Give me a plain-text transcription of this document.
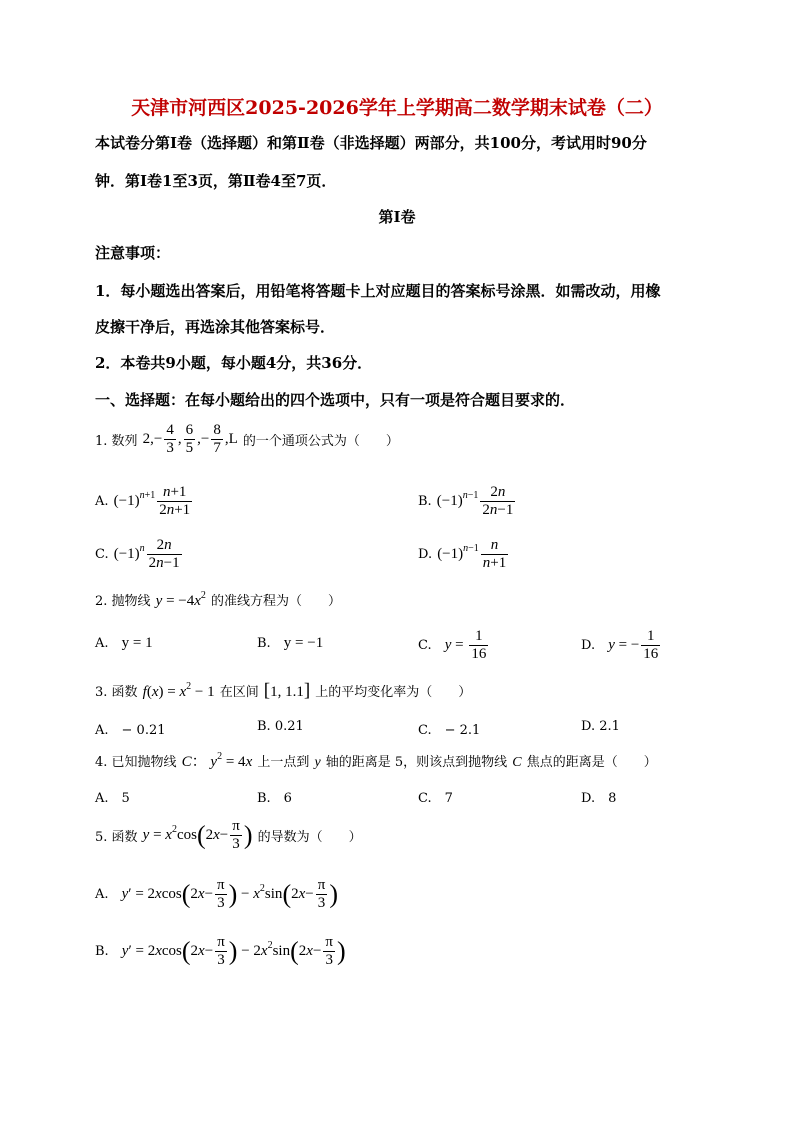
天津市河西区2025-2026学年上学期高二数学期末试卷（二）
本试卷分第Ⅰ卷（选择题）和第Ⅱ卷（非选择题）两部分，共100分，考试用时90分
钟．第Ⅰ卷1至3页，第Ⅱ卷4至7页．
第Ⅰ卷
注意事项：
1．每小题选出答案后，用铅笔将答题卡上对应题目的答案标号涂黑．如需改动，用橡
皮擦干净后，再选涂其他答案标号．
2．本卷共9小题，每小题4分，共36分．
一、选择题：在每小题给出的四个选项中，只有一项是符合题目要求的．
1. 数列 $2,- \frac{4}{3}$ , $\frac{6}{5}$ ,− $\frac{8}{7} ,L$ 的一个通项公式为（　　）
A. $(-1)^{n+1} \frac{n+1}{2n+1}$	B. $(-1)^{n-1} \frac{2n}{2n-1}$
C. $(-1)^n \frac{2n}{2n-1}$	D. $(-1)^{n-1} \frac{n}{n+1}$
2. 抛物线 $y = -4x^2$ 的准线方程为（　　）
A. y = 1	B. y = −1	C. $y = \frac{1}{16}$	D. y = − $\frac{1}{16}$
3. 函数 $f(x) = x^2 - 1$ 在区间 [1, 1.1] 上的平均变化率为（　　）
A.　− 0.21	B. 0.21	C.　− 2.1	D. 2.1
4. 已知抛物线 C： $y^2 = 4x$ 上一点到 y 轴的距离是 5，则该点到抛物线 C 焦点的距离是（　　）
A.　5	B.　6	C.　7	D.　8
5. 函数 $y = x^2\cos(2x- \frac{\pi}{3}$ ) 的导数为（　　）
A. $y' = 2xcos(2x- \frac{\pi}{3}$ ) − $x^2\sin(2x- \frac{\pi}{3}$ )
B. $y' = 2xcos(2x- \frac{\pi}{3}$ ) − $2x^2\sin(2x- \frac{\pi}{3}$ )
